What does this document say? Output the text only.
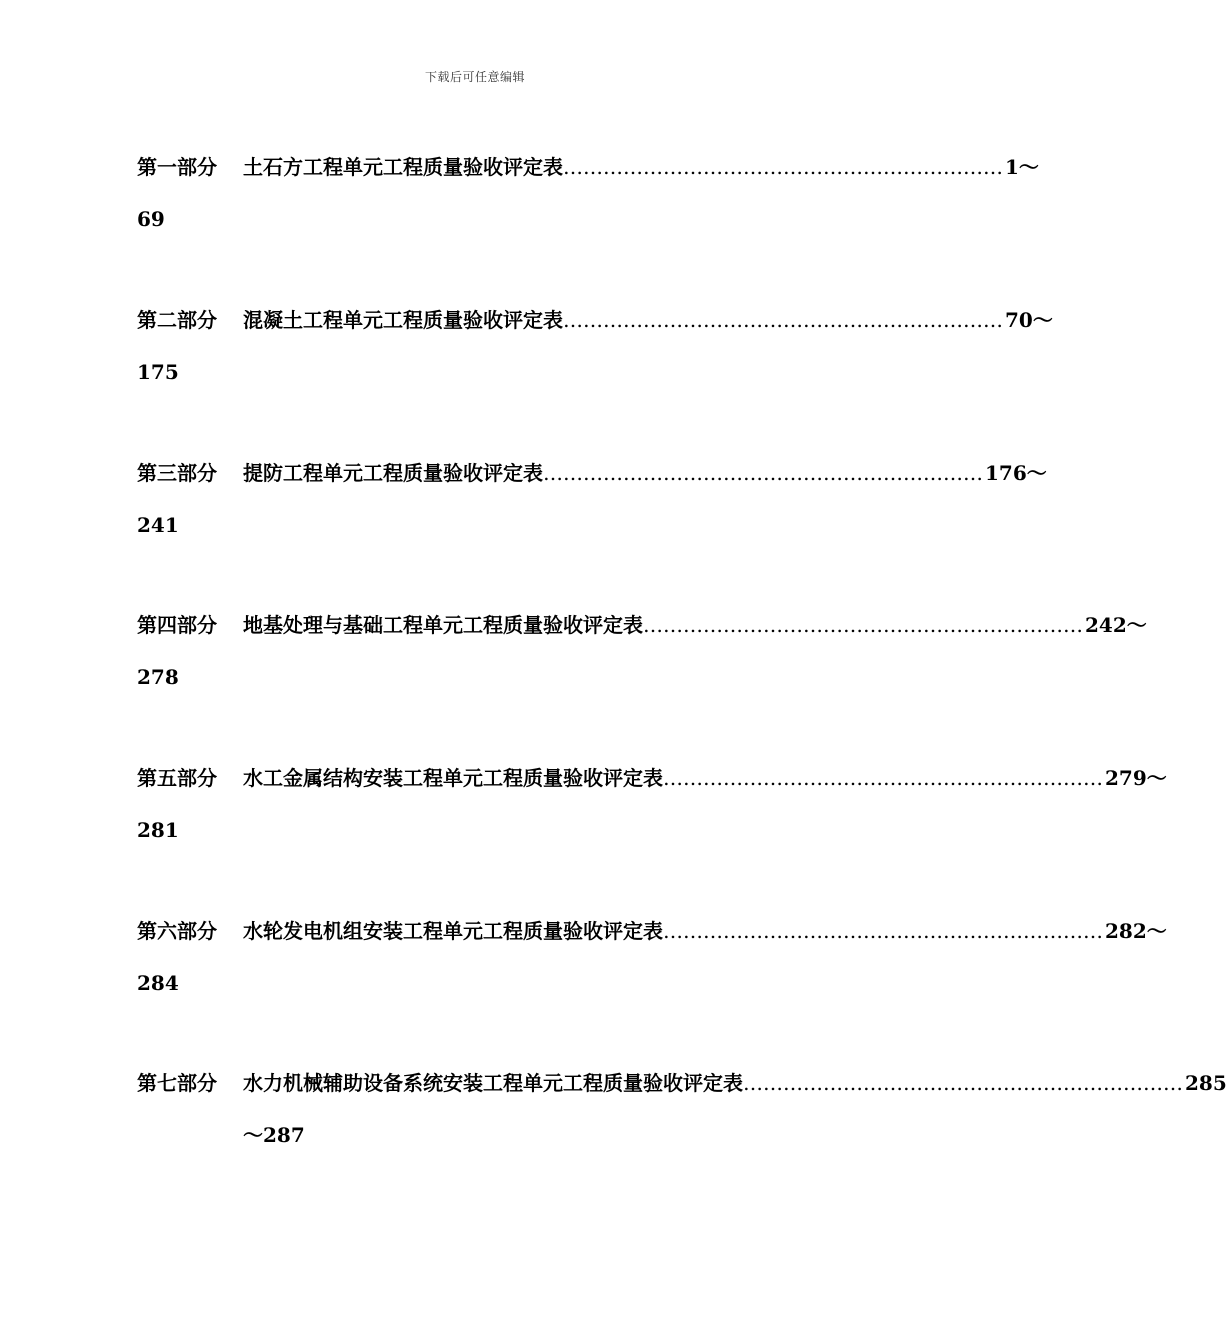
下载后可任意编辑
第一部分 土石方工程单元工程质量验收评定表 ………………………………………………………… 1～
69
第二部分 混凝土工程单元工程质量验收评定表 ………………………………………………………… 70～
175
第三部分 提防工程单元工程质量验收评定表 ………………………………………………………… 176～
241
第四部分 地基处理与基础工程单元工程质量验收评定表 ………………………………………………………… 242～
278
第五部分 水工金属结构安装工程单元工程质量验收评定表 ………………………………………………………… 279～
281
第六部分 水轮发电机组安装工程单元工程质量验收评定表 ………………………………………………………… 282～
284
第七部分 水力机械辅助设备系统安装工程单元工程质量验收评定表 ………………………………………………………… 285
～287
